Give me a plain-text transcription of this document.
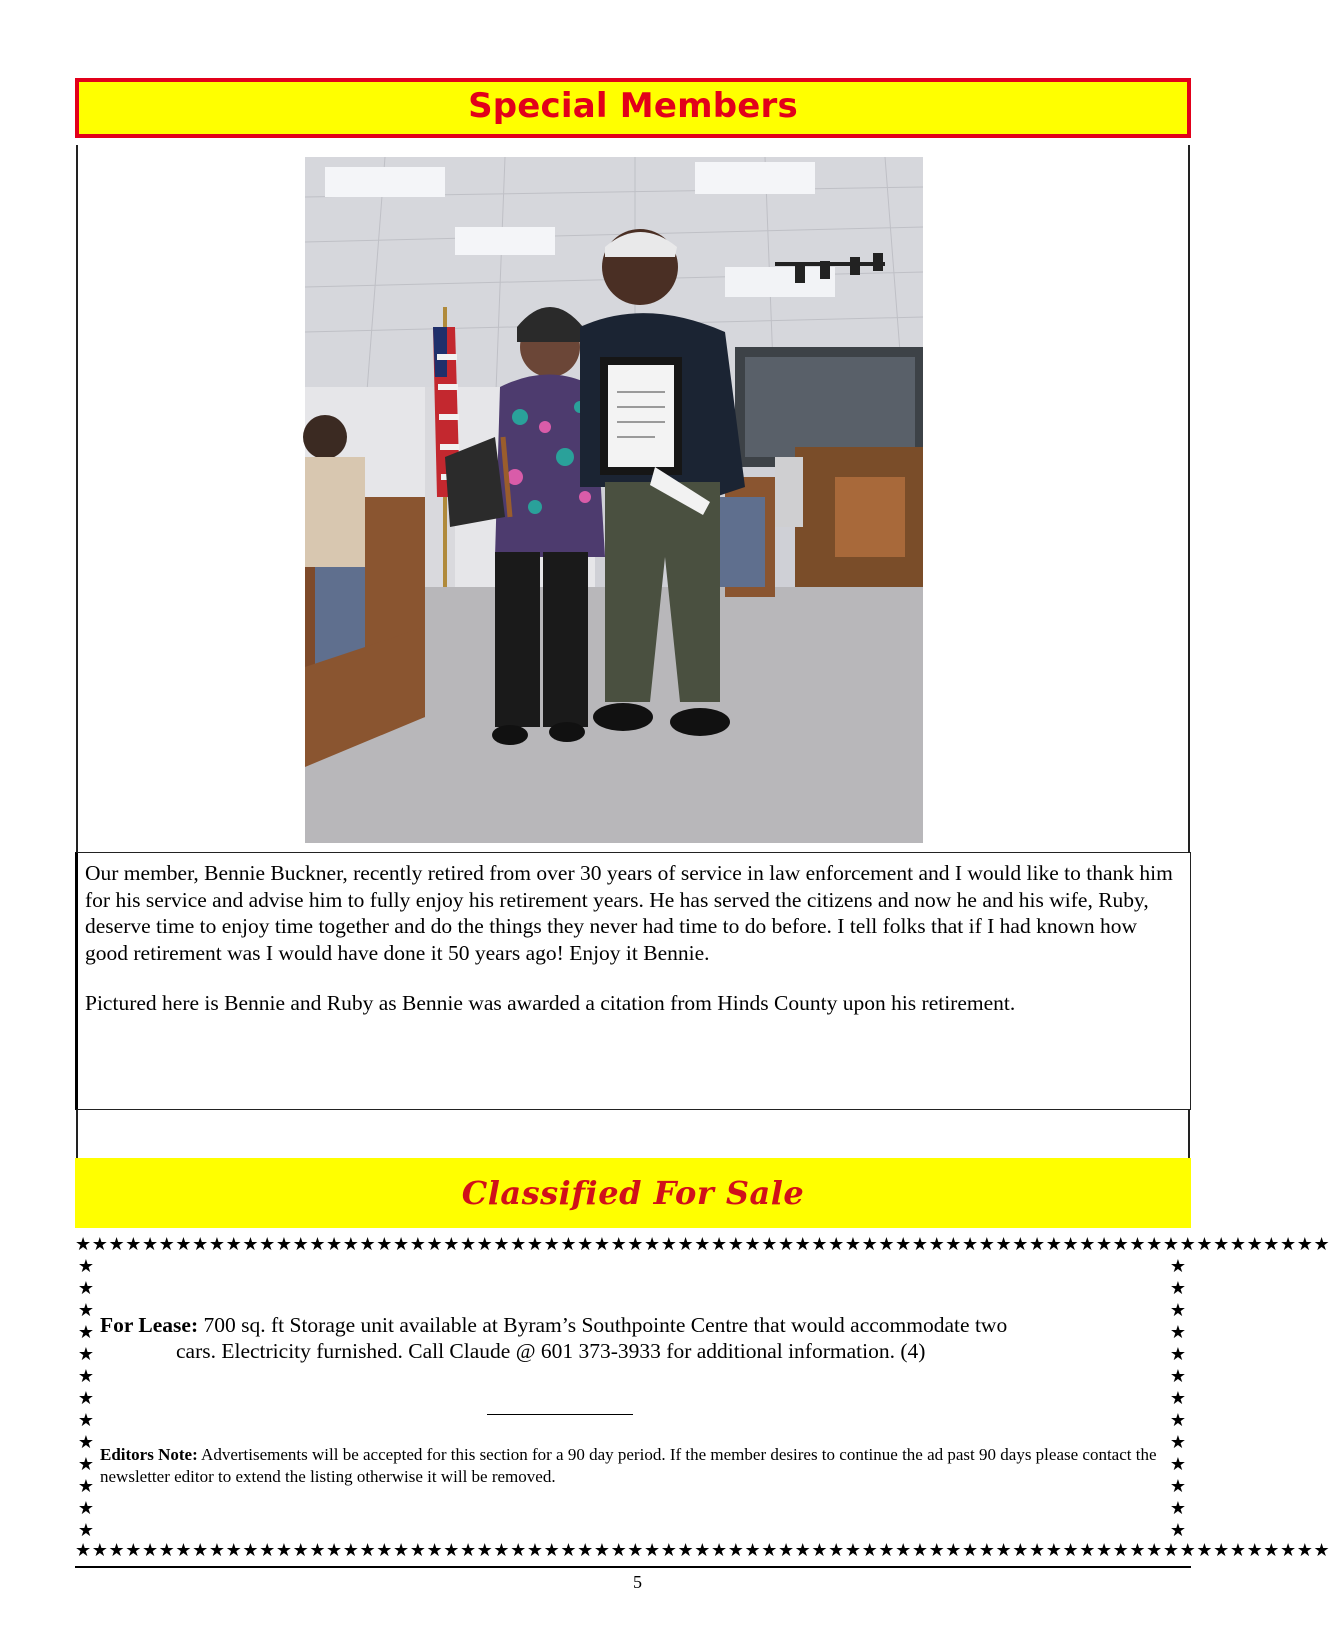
Special Members

Our member, Bennie Buckner, recently retired from over 30 years of service in law enforcement and I would like to thank him for his service and advise him to fully enjoy his retirement years. He has served the citizens and now he and his wife, Ruby, deserve time to enjoy time together and do the things they never had time to do before. I tell folks that if I had known how good retirement was I would have done it 50 years ago! Enjoy it Bennie.

Pictured here is Bennie and Ruby as Bennie was awarded a citation from Hinds County upon his retirement.

Classified For Sale
★★★★★★★★★★★★★★★★★★★★★★★★★★★★★★★★★★★★★★★★★★★★★★★★★★★★★★★★★★★★★★★★★★★★★★★★★★★
★
★
★
★
★
★
★
★
★
★
★
★
★
★
★
★
★
★
★
★
★
★
★
★
★
★
★★★★★★★★★★★★★★★★★★★★★★★★★★★★★★★★★★★★★★★★★★★★★★★★★★★★★★★★★★★★★★★★★★★★★★★★★★★
For Lease: 700 sq. ft Storage unit available at Byram’s Southpointe Centre that would accommodate two
cars. Electricity furnished. Call Claude @ 601 373-3933 for additional information. (4)
Editors Note: Advertisements will be accepted for this section for a 90 day period. If the member desires to continue the ad past 90 days please contact the newsletter editor to extend the listing otherwise it will be removed.
5
